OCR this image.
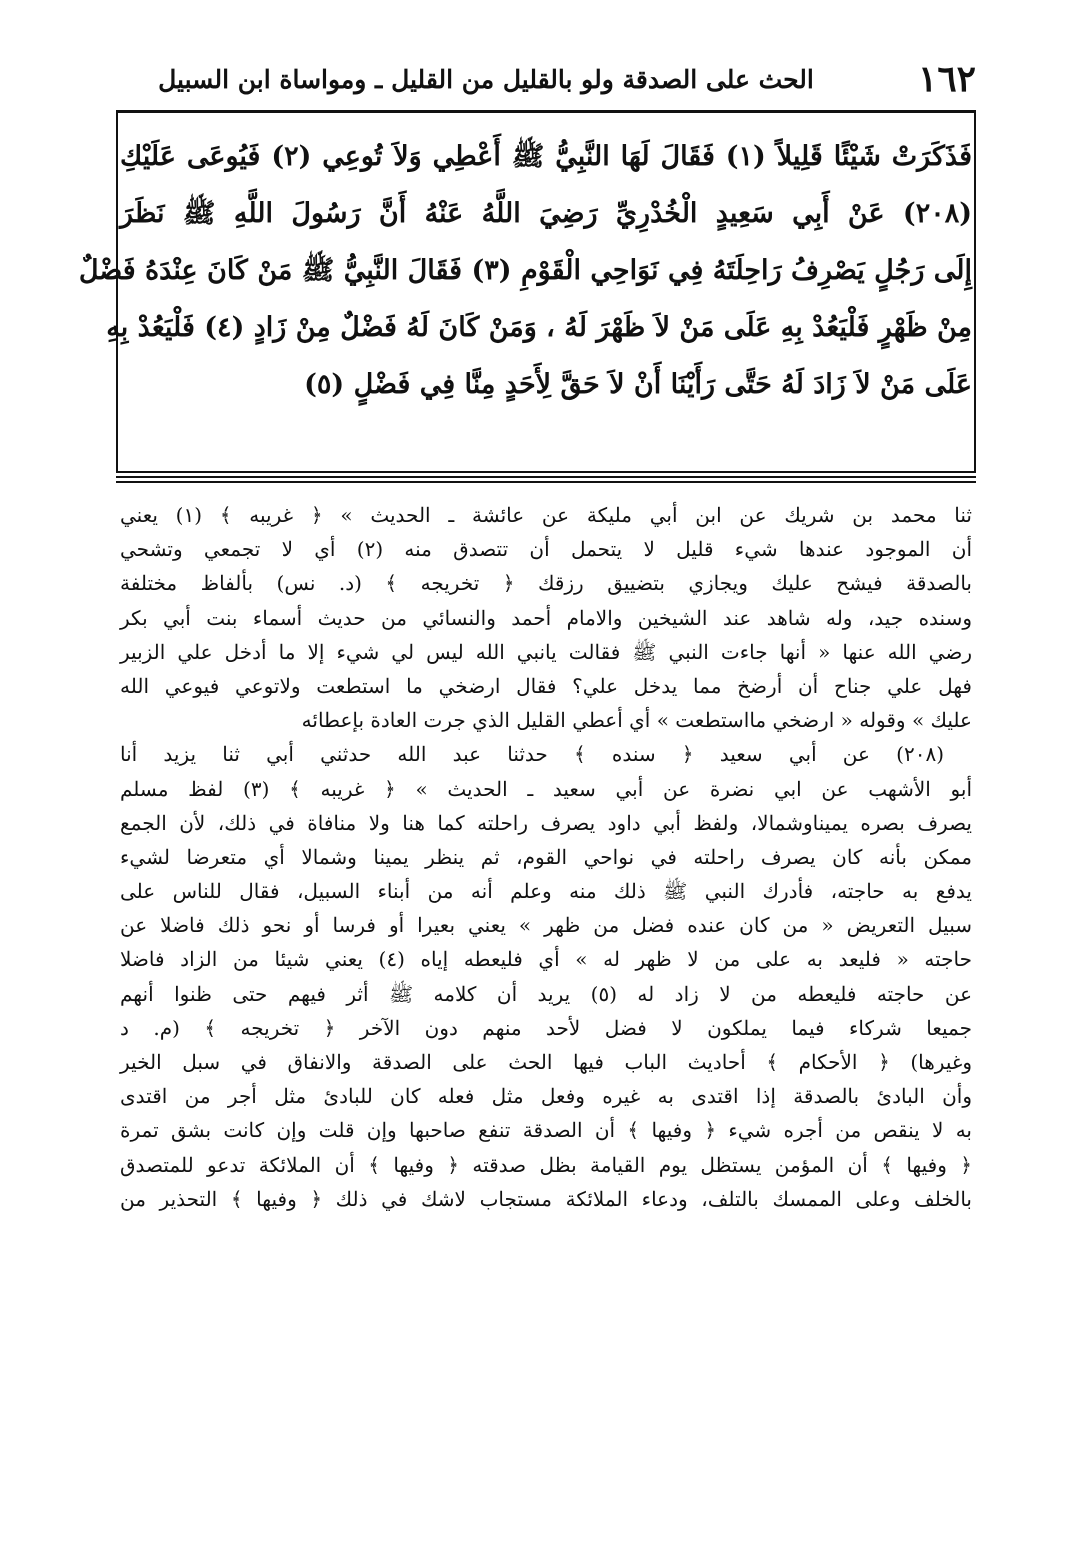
١٦٢
الحث على الصدقة ولو بالقليل من القليل ـ ومواساة ابن السبيل
فَذَكَرَتْ شَيْئًا قَلِيلاً (١) فَقَالَ لَهَا النَّبِيُّ ﷺ أَعْطِي وَلاَ تُوعِي (٢) فَيُوعَى عَلَيْكِ
(٢٠٨) عَنْ أَبِي سَعِيدٍ الْخُدْرِيِّ رَضِيَ اللَّهُ عَنْهُ أَنَّ رَسُولَ اللَّهِ ﷺ نَظَرَ
إِلَى رَجُلٍ يَصْرِفُ رَاحِلَتَهُ فِي نَوَاحِي الْقَوْمِ (٣) فَقَالَ النَّبِيُّ ﷺ مَنْ كَانَ عِنْدَهُ فَضْلٌ
مِنْ ظَهْرٍ فَلْيَعُدْ بِهِ عَلَى مَنْ لاَ ظَهْرَ لَهُ ، وَمَنْ كَانَ لَهُ فَضْلٌ مِنْ زَادٍ (٤) فَلْيَعُدْ بِهِ
عَلَى مَنْ لاَ زَادَ لَهُ حَتَّى رَأَيْنَا أَنْ لاَ حَقَّ لِأَحَدٍ مِنَّا فِي فَضْلٍ (٥)
ثنا محمد بن شريك عن ابن أبي مليكة عن عائشة ـ الحديث » ﴿ غريبه ﴾ (١) يعني
أن الموجود عندها شيء قليل لا يتحمل أن تتصدق منه (٢) أي لا تجمعي وتشحي
بالصدقة فيشح عليك ويجازي بتضييق رزقك ﴿ تخريجه ﴾ (د. نس) بألفاظ مختلفة
وسنده جيد، وله شاهد عند الشيخين والامام أحمد والنسائي من حديث أسماء بنت أبي بكر
رضي الله عنها « أنها جاءت النبي ﷺ فقالت يانبي الله ليس لي شيء إلا ما أدخل علي الزبير
فهل علي جناح أن أرضخ مما يدخل علي؟ فقال ارضخي ما استطعت ولاتوعي فيوعي الله
عليك » وقوله « ارضخي مااستطعت » أي أعطي القليل الذي جرت العادة بإعطائه
(٢٠٨) عن أبي سعيد ﴿ سنده ﴾ حدثنا عبد الله حدثني أبي ثنا يزيد أنا
أبو الأشهب عن ابي نضرة عن أبي سعيد ـ الحديث » ﴿ غريبه ﴾ (٣) لفظ مسلم
يصرف بصره يميناوشمالا، ولفظ أبي داود يصرف راحلته كما هنا ولا منافاة في ذلك، لأن الجمع
ممكن بأنه كان يصرف راحلته في نواحي القوم، ثم ينظر يمينا وشمالا أي متعرضا لشيء
يدفع به حاجته، فأدرك النبي ﷺ ذلك منه وعلم أنه من أبناء السبيل، فقال للناس على
سبيل التعريض « من كان عنده فضل من ظهر » يعني بعيرا أو فرسا أو نحو ذلك فاضلا عن
حاجته « فليعد به على من لا ظهر له » أي فليعطه إياه (٤) يعني شيئا من الزاد فاضلا
عن حاجته فليعطه من لا زاد له (٥) يريد أن كلامه ﷺ أثر فيهم حتى ظنوا أنهم
جميعا شركاء فيما يملكون لا فضل لأحد منهم دون الآخر ﴿ تخريجه ﴾ (م. د
وغيرها) ﴿ الأحكام ﴾ أحاديث الباب فيها الحث على الصدقة والانفاق في سبل الخير
وأن البادئ بالصدقة إذا اقتدى به غيره وفعل مثل فعله كان للبادئ مثل أجر من اقتدى
به لا ينقص من أجره شيء ﴿ وفيها ﴾ أن الصدقة تنفع صاحبها وإن قلت وإن كانت بشق تمرة
﴿ وفيها ﴾ أن المؤمن يستظل يوم القيامة بظل صدقته ﴿ وفيها ﴾ أن الملائكة تدعو للمتصدق
بالخلف وعلى الممسك بالتلف، ودعاء الملائكة مستجاب لاشك في ذلك ﴿ وفيها ﴾ التحذير من
